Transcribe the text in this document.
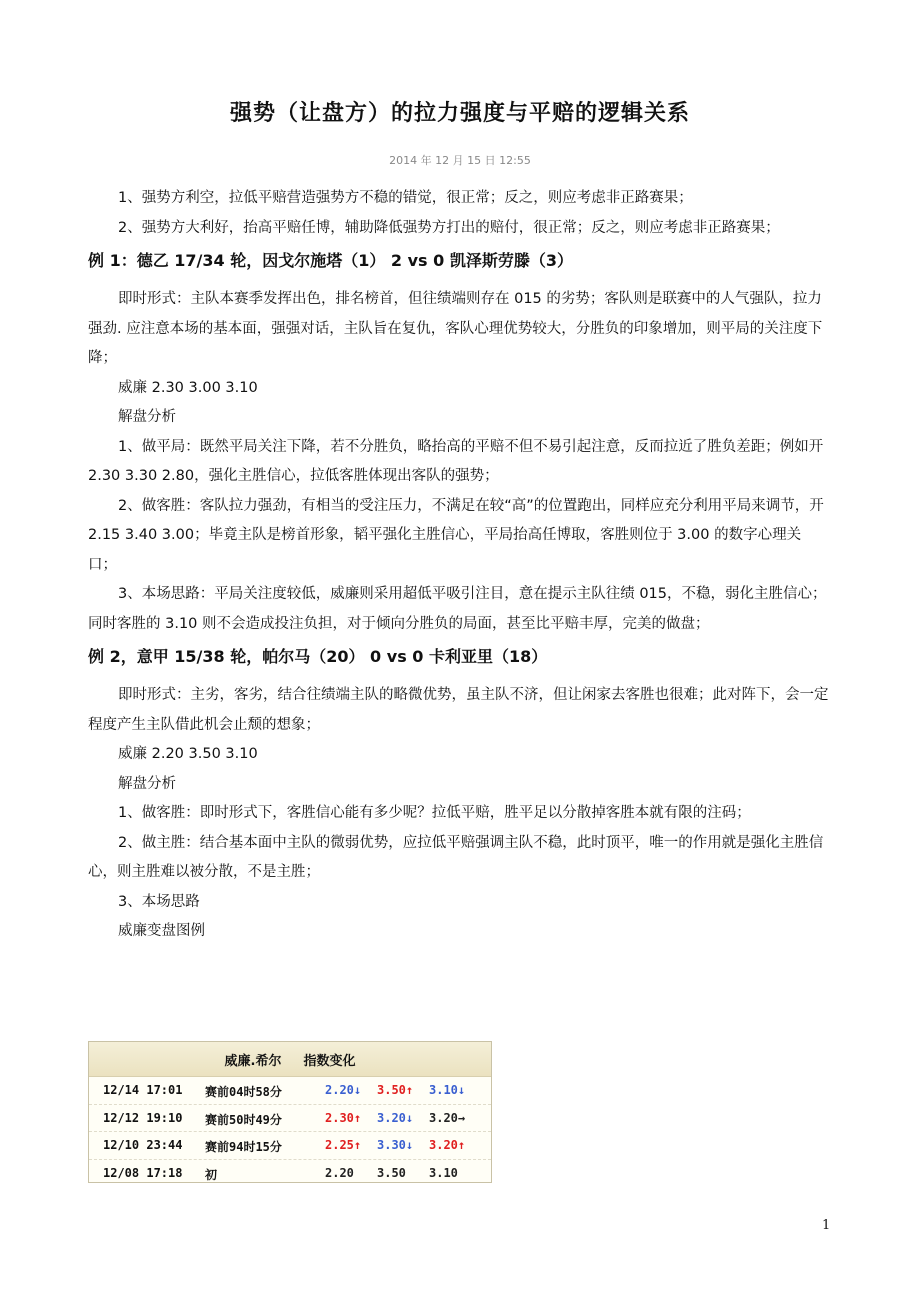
强势（让盘方）的拉力强度与平赔的逻辑关系
2014 年 12 月 15 日 12:55

1、强势方利空，拉低平赔营造强势方不稳的错觉，很正常；反之，则应考虑非正路赛果；

2、强势方大利好，抬高平赔任博，辅助降低强势方打出的赔付，很正常；反之，则应考虑非正路赛果；

例 1：德乙 17/34 轮，因戈尔施塔（1） 2 vs 0 凯泽斯劳滕（3）

即时形式：主队本赛季发挥出色，排名榜首，但往绩端则存在 015 的劣势；客队则是联赛中的人气强队，拉力强劲. 应注意本场的基本面，强强对话，主队旨在复仇，客队心理优势较大，分胜负的印象增加，则平局的关注度下降；

威廉 2.30 3.00 3.10

解盘分析

1、做平局：既然平局关注下降，若不分胜负，略抬高的平赔不但不易引起注意，反而拉近了胜负差距；例如开 2.30 3.30 2.80，强化主胜信心，拉低客胜体现出客队的强势；

2、做客胜：客队拉力强劲，有相当的受注压力，不满足在较“高”的位置跑出，同样应充分利用平局来调节，开 2.15 3.40 3.00；毕竟主队是榜首形象，韬平强化主胜信心，平局抬高任博取，客胜则位于 3.00 的数字心理关口；

3、本场思路：平局关注度较低，威廉则采用超低平吸引注目，意在提示主队往绩 015，不稳，弱化主胜信心；同时客胜的 3.10 则不会造成投注负担，对于倾向分胜负的局面，甚至比平赔丰厚，完美的做盘；

例 2，意甲 15/38 轮，帕尔马（20） 0 vs 0 卡利亚里（18）

即时形式：主劣，客劣，结合往绩端主队的略微优势，虽主队不济，但让闲家去客胜也很难；此对阵下，会一定程度产生主队借此机会止颓的想象；

威廉 2.20 3.50 3.10

解盘分析

1、做客胜：即时形式下，客胜信心能有多少呢？拉低平赔，胜平足以分散掉客胜本就有限的注码；

2、做主胜：结合基本面中主队的微弱优势，应拉低平赔强调主队不稳，此时顶平，唯一的作用就是强化主胜信心，则主胜难以被分散，不是主胜；

3、本场思路

威廉变盘图例

威廉.希尔 指数变化
12/14 17:01 赛前04时58分	2.20↓ 3.50↑ 3.10↓
12/12 19:10 赛前50时49分	2.30↑ 3.20↓ 3.20→
12/10 23:44 赛前94时15分	2.25↑ 3.30↓ 3.20↑
12/08 17:18 初	2.20 3.50 3.10
1
